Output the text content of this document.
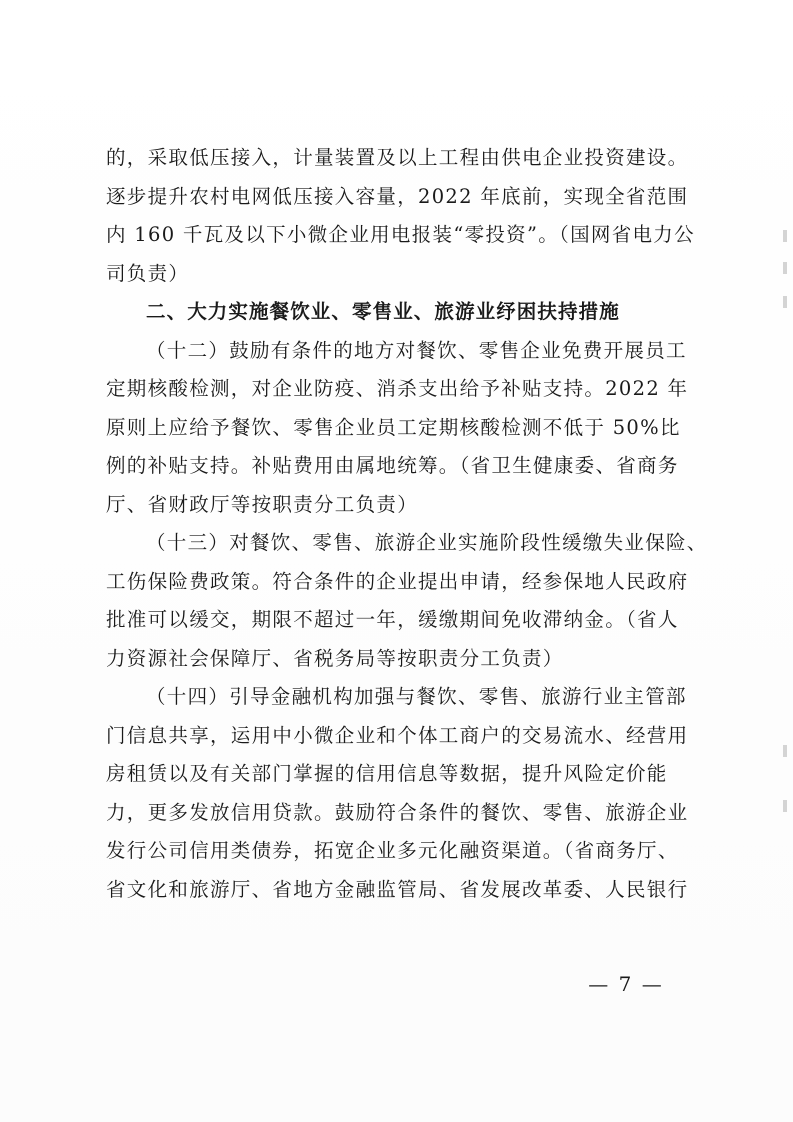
的，采取低压接入，计量装置及以上工程由供电企业投资建设。
逐步提升农村电网低压接入容量，2022 年底前，实现全省范围
内 160 千瓦及以下小微企业用电报装“零投资”。（国网省电力公
司负责）
二、大力实施餐饮业、零售业、旅游业纾困扶持措施
（十二）鼓励有条件的地方对餐饮、零售企业免费开展员工
定期核酸检测，对企业防疫、消杀支出给予补贴支持。2022 年
原则上应给予餐饮、零售企业员工定期核酸检测不低于 50%比
例的补贴支持。补贴费用由属地统筹。（省卫生健康委、省商务
厅、省财政厅等按职责分工负责）
（十三）对餐饮、零售、旅游企业实施阶段性缓缴失业保险、
工伤保险费政策。符合条件的企业提出申请，经参保地人民政府
批准可以缓交，期限不超过一年，缓缴期间免收滞纳金。（省人
力资源社会保障厅、省税务局等按职责分工负责）
（十四）引导金融机构加强与餐饮、零售、旅游行业主管部
门信息共享，运用中小微企业和个体工商户的交易流水、经营用
房租赁以及有关部门掌握的信用信息等数据，提升风险定价能
力，更多发放信用贷款。鼓励符合条件的餐饮、零售、旅游企业
发行公司信用类债券，拓宽企业多元化融资渠道。（省商务厅、
省文化和旅游厅、省地方金融监管局、省发展改革委、人民银行
— 7 —
